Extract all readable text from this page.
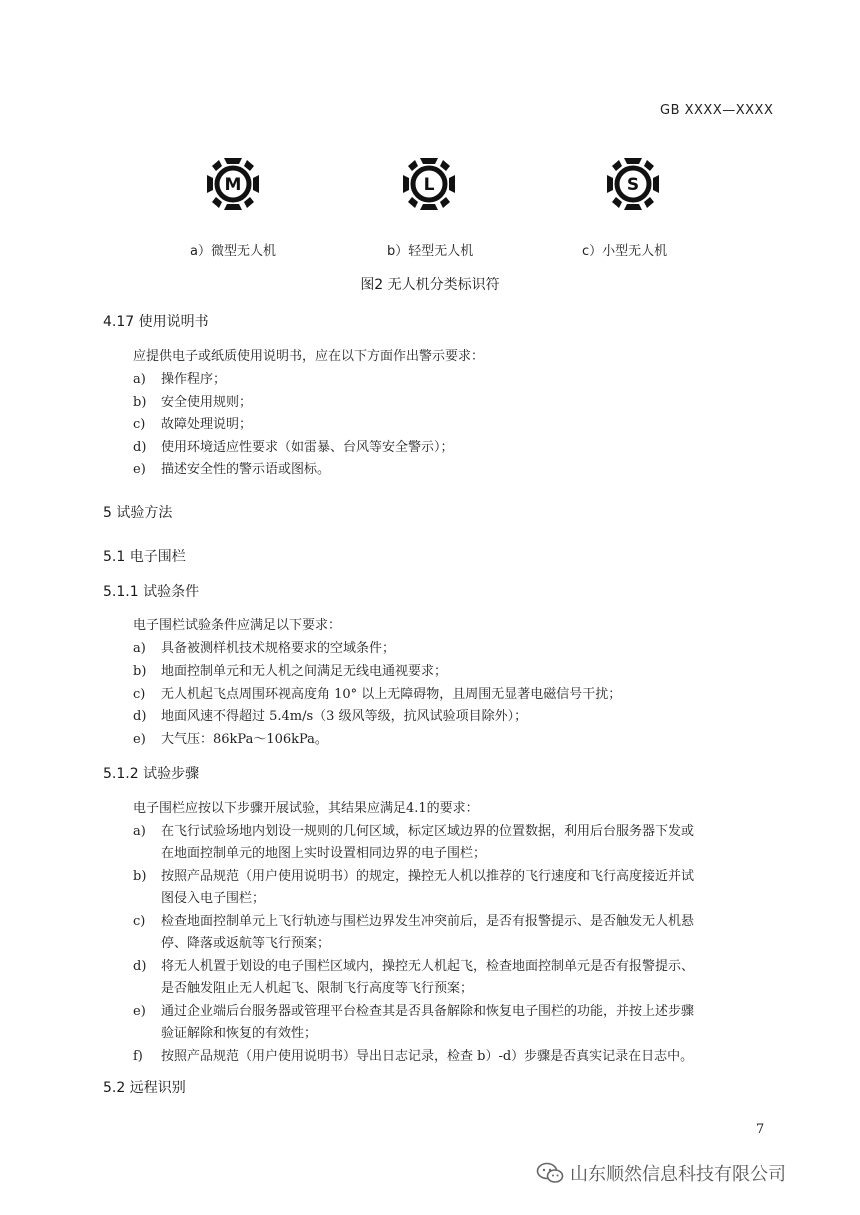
GB XXXX—XXXX
M	L	S
a）微型无人机	b）轻型无人机	c）小型无人机
图2 无人机分类标识符
4.17 使用说明书
应提供电子或纸质使用说明书，应在以下方面作出警示要求：
a) 操作程序；
b) 安全使用规则；
c) 故障处理说明；
d) 使用环境适应性要求（如雷暴、台风等安全警示）；
e) 描述安全性的警示语或图标。
5 试验方法
5.1 电子围栏
5.1.1 试验条件
电子围栏试验条件应满足以下要求：
a) 具备被测样机技术规格要求的空域条件；
b) 地面控制单元和无人机之间满足无线电通视要求；
c) 无人机起飞点周围环视高度角 10° 以上无障碍物，且周围无显著电磁信号干扰；
d) 地面风速不得超过 5.4m/s（3 级风等级，抗风试验项目除外）；
e) 大气压：86kPa～106kPa。
5.1.2 试验步骤
电子围栏应按以下步骤开展试验，其结果应满足4.1的要求：
a) 在飞行试验场地内划设一规则的几何区域，标定区域边界的位置数据，利用后台服务器下发或
在地面控制单元的地图上实时设置相同边界的电子围栏；
b) 按照产品规范（用户使用说明书）的规定，操控无人机以推荐的飞行速度和飞行高度接近并试
图侵入电子围栏；
c) 检查地面控制单元上飞行轨迹与围栏边界发生冲突前后，是否有报警提示、是否触发无人机悬
停、降落或返航等飞行预案；
d) 将无人机置于划设的电子围栏区域内，操控无人机起飞，检查地面控制单元是否有报警提示、
是否触发阻止无人机起飞、限制飞行高度等飞行预案；
e) 通过企业端后台服务器或管理平台检查其是否具备解除和恢复电子围栏的功能，并按上述步骤
验证解除和恢复的有效性；
f) 按照产品规范（用户使用说明书）导出日志记录，检查 b）-d）步骤是否真实记录在日志中。
5.2 远程识别
7
山东顺然信息科技有限公司
